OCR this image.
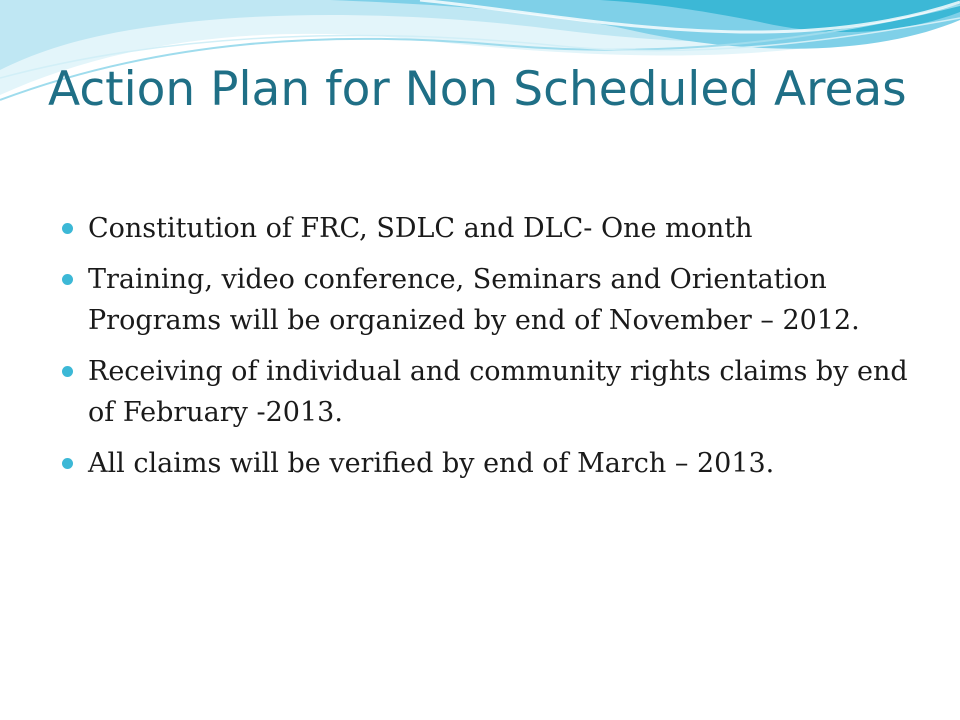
Action Plan for Non Scheduled Areas
Constitution of FRC, SDLC and DLC- One month
Training, video conference, Seminars and Orientation Programs will be organized by end of November – 2012.
Receiving of individual and community rights claims by end of February -2013.
All claims will be verified by end of March – 2013.
